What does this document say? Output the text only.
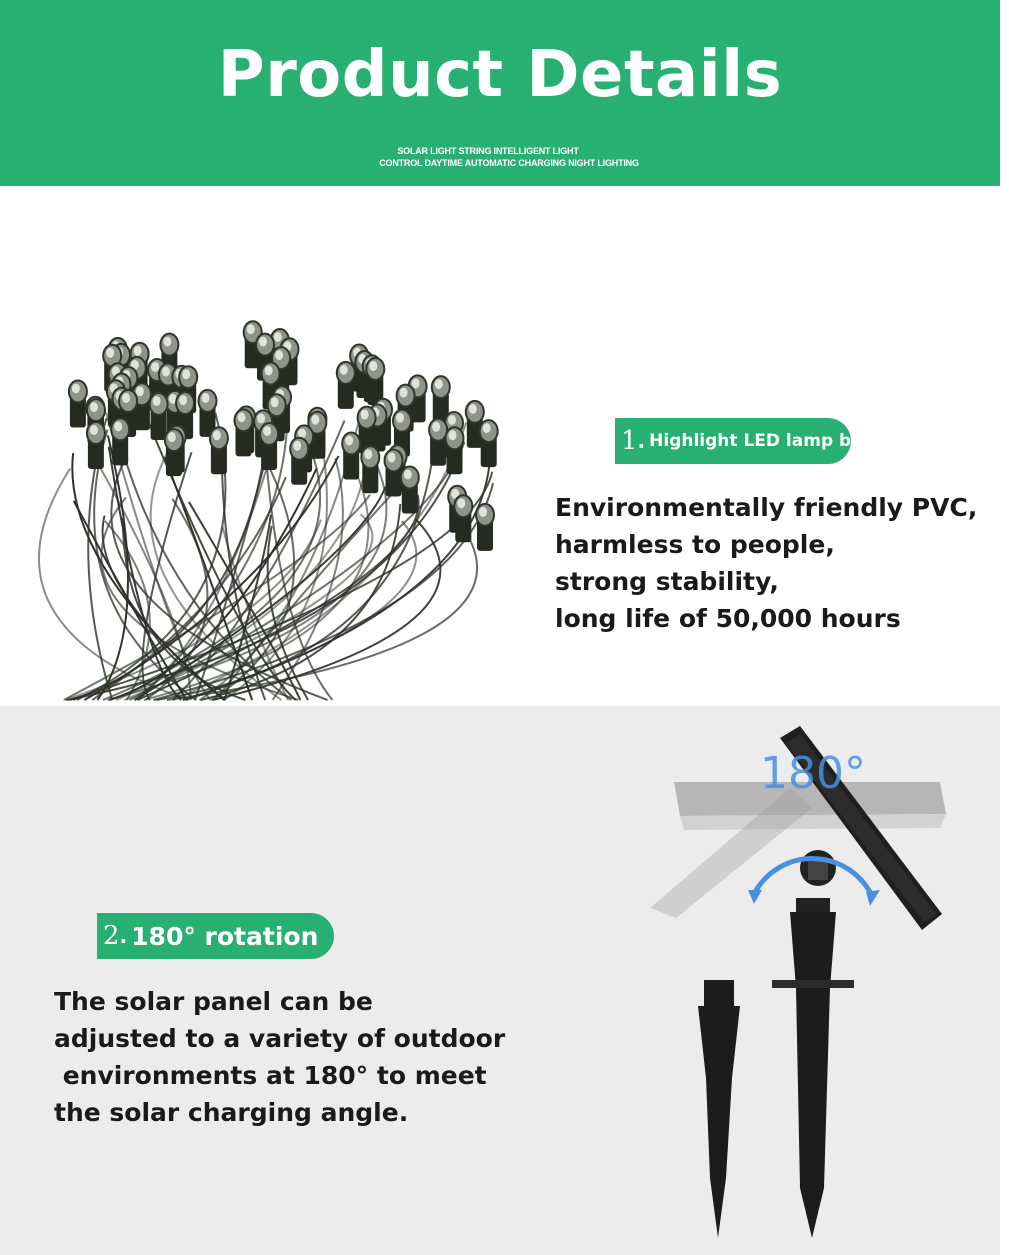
Product Details
SOLAR LIGHT STRING INTELLIGENT LIGHT
CONTROL DAYTIME AUTOMATIC CHARGING NIGHT LIGHTING
180°
1 . Highlight LED lamp bea
Environmentally friendly PVC,
harmless to people,
strong stability,
long life of 50,000 hours
2 . 180° rotation
The solar panel can be
adjusted to a variety of outdoor
environments at 180° to meet
the solar charging angle.
